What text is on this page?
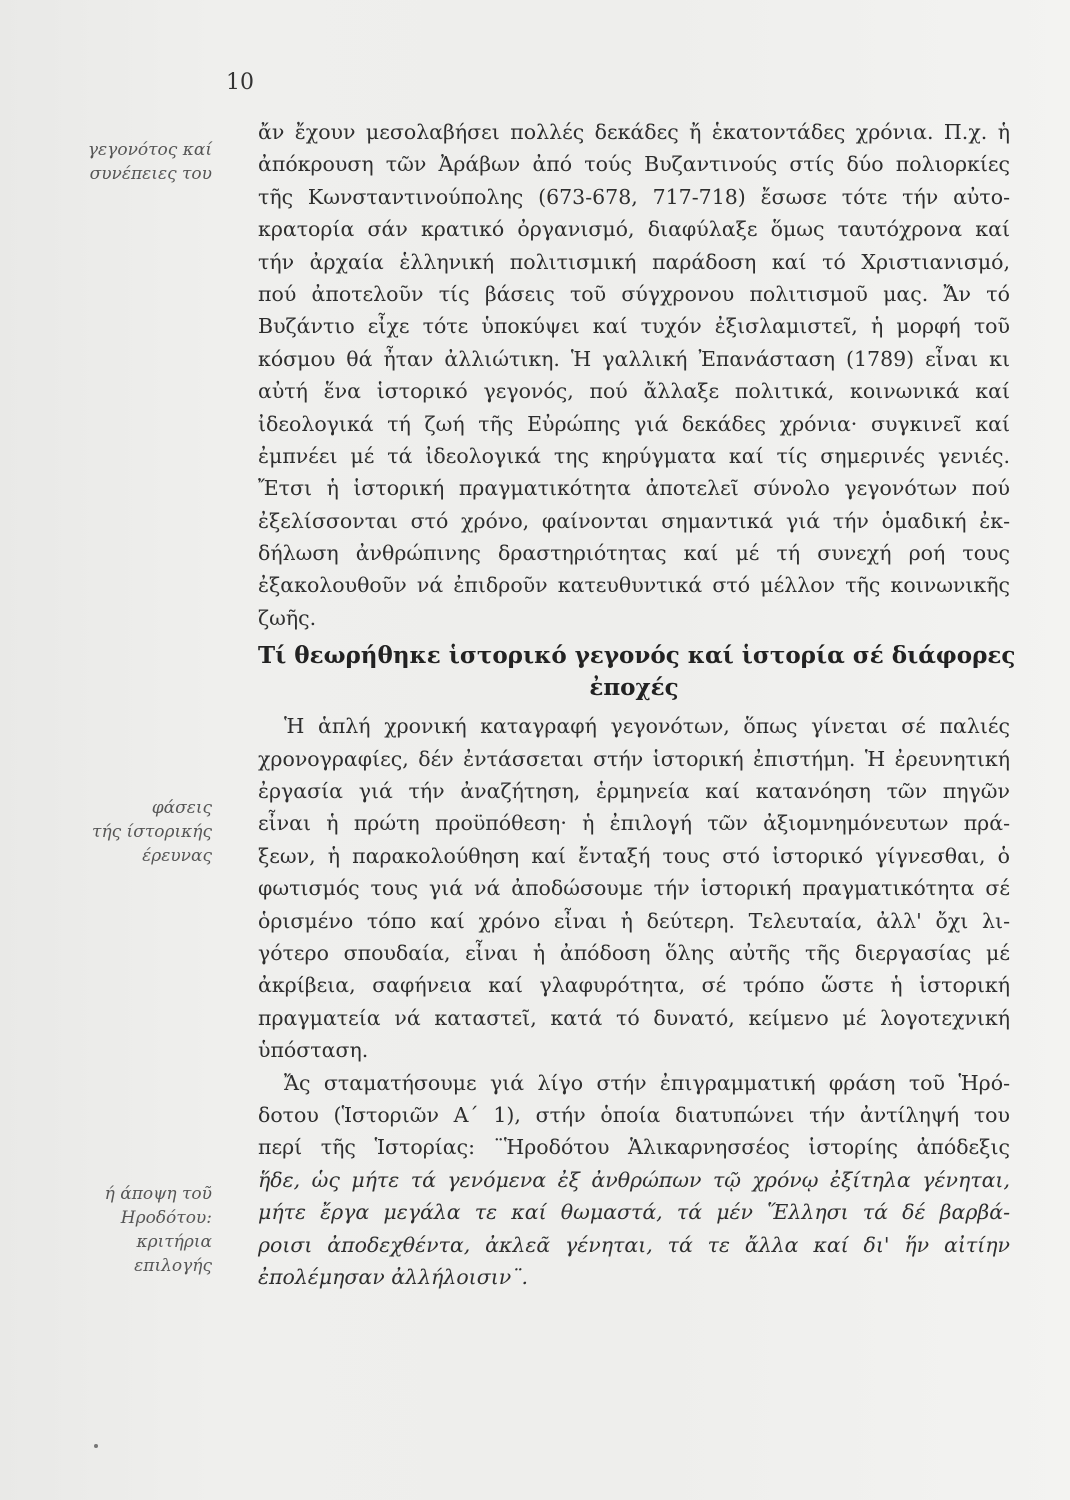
10
γεγονότος καί
συνέπειες του
φάσεις
τής ίστορικής
έρευνας
ή άποψη τοῦ
Ηροδότου:
κριτήρια
επιλογής
ἄν ἔχουν μεσολαβήσει πολλές δεκάδες ἤ ἑκατοντάδες χρόνια. Π.χ. ἡ
ἀπόκρουση τῶν Ἀράβων ἀπό τούς Βυζαντινούς στίς δύο πολιορκίες
τῆς Κωνσταντινούπολης (673-678, 717-718) ἔσωσε τότε τήν αὐτο-
κρατορία σάν κρατικό ὀργανισμό, διαφύλαξε ὅμως ταυτόχρονα καί
τήν ἀρχαία ἑλληνική πολιτισμική παράδοση καί τό Χριστιανισμό,
πού ἀποτελοῦν τίς βάσεις τοῦ σύγχρονου πολιτισμοῦ μας. Ἄν τό
Βυζάντιο εἶχε τότε ὑποκύψει καί τυχόν ἐξισλαμιστεῖ, ἡ μορφή τοῦ
κόσμου θά ἦταν ἀλλιώτικη. Ἡ γαλλική Ἐπανάσταση (1789) εἶναι κι
αὐτή ἕνα ἱστορικό γεγονός, πού ἄλλαξε πολιτικά, κοινωνικά καί
ἰδεολογικά τή ζωή τῆς Εὐρώπης γιά δεκάδες χρόνια· συγκινεῖ καί
ἐμπνέει μέ τά ἰδεολογικά της κηρύγματα καί τίς σημερινές γενιές.
Ἔτσι ἡ ἱστορική πραγματικότητα ἀποτελεῖ σύνολο γεγονότων πού
ἐξελίσσονται στό χρόνο, φαίνονται σημαντικά γιά τήν ὁμαδική ἐκ-
δήλωση ἀνθρώπινης δραστηριότητας καί μέ τή συνεχή ροή τους
ἐξακολουθοῦν νά ἐπιδροῦν κατευθυντικά στό μέλλον τῆς κοινωνικῆς
ζωῆς.
Τί θεωρήθηκε ἱστορικό γεγονός καί ἱστορία σέ διάφορες
ἐποχές
Ἡ ἁπλή χρονική καταγραφή γεγονότων, ὅπως γίνεται σέ παλιές
χρονογραφίες, δέν ἐντάσσεται στήν ἱστορική ἐπιστήμη. Ἡ ἐρευνητική
ἐργασία γιά τήν ἀναζήτηση, ἑρμηνεία καί κατανόηση τῶν πηγῶν
εἶναι ἡ πρώτη προϋπόθεση· ἡ ἐπιλογή τῶν ἀξιομνημόνευτων πρά-
ξεων, ἡ παρακολούθηση καί ἔνταξή τους στό ἱστορικό γίγνεσθαι, ὁ
φωτισμός τους γιά νά ἀποδώσουμε τήν ἱστορική πραγματικότητα σέ
ὁρισμένο τόπο καί χρόνο εἶναι ἡ δεύτερη. Τελευταία, ἀλλ' ὄχι λι-
γότερο σπουδαία, εἶναι ἡ ἀπόδοση ὅλης αὐτῆς τῆς διεργασίας μέ
ἀκρίβεια, σαφήνεια καί γλαφυρότητα, σέ τρόπο ὥστε ἡ ἱστορική
πραγματεία νά καταστεῖ, κατά τό δυνατό, κείμενο μέ λογοτεχνική
ὑπόσταση.
Ἄς σταματήσουμε γιά λίγο στήν ἐπιγραμματική φράση τοῦ Ἡρό-
δοτου (Ἱστοριῶν Α΄ 1), στήν ὁποία διατυπώνει τήν ἀντίληψή του
περί τῆς Ἱστορίας: ¨Ἡροδότου Ἁλικαρνησσέος ἱστορίης ἀπόδεξις
ἥδε, ὡς μήτε τά γενόμενα ἐξ ἀνθρώπων τῷ χρόνῳ ἐξίτηλα γένηται,
μήτε ἔργα μεγάλα τε καί θωμαστά, τά μέν Ἕλλησι τά δέ βαρβά-
ροισι ἀποδεχθέντα, ἀκλεᾶ γένηται, τά τε ἄλλα καί δι' ἥν αἰτίην
ἐπολέμησαν ἀλλήλοισιν¨.
